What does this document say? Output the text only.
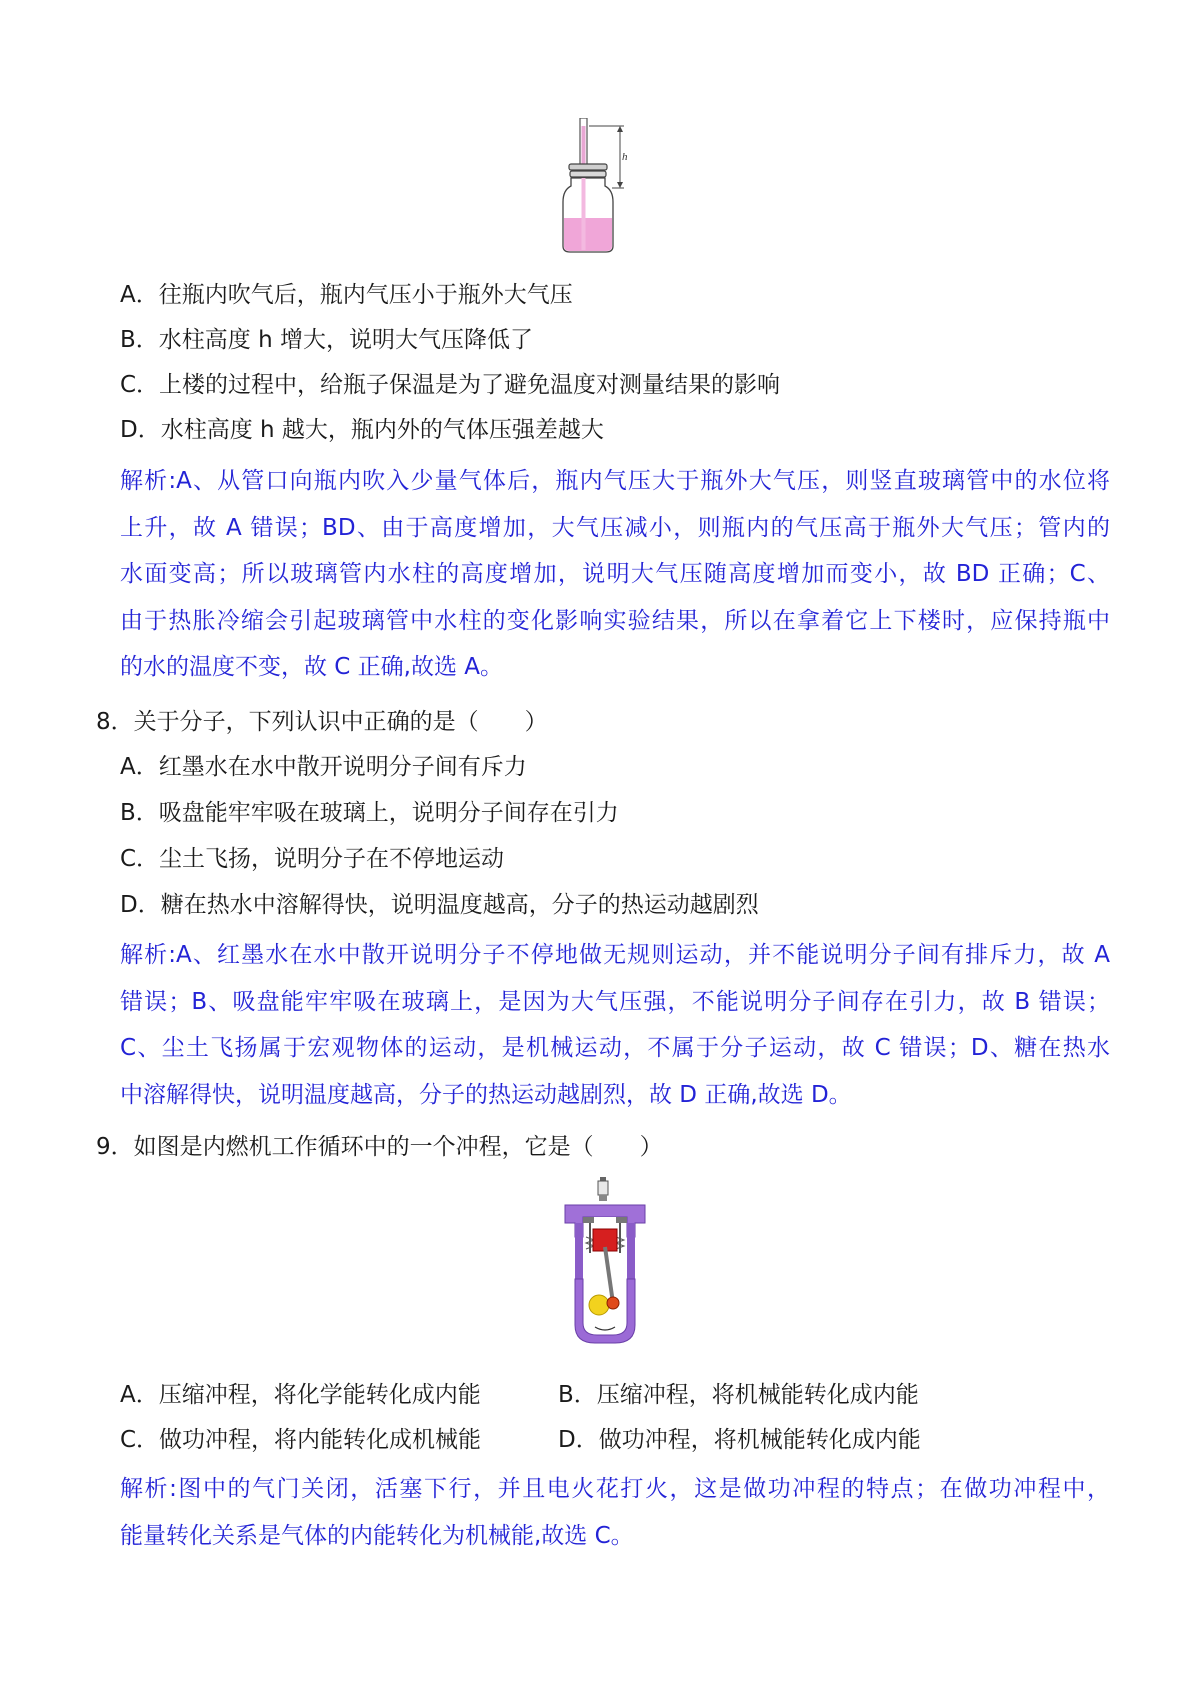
h
A．往瓶内吹气后，瓶内气压小于瓶外大气压
B．水柱高度 h 增大，说明大气压降低了
C．上楼的过程中，给瓶子保温是为了避免温度对测量结果的影响
D．水柱高度 h 越大，瓶内外的气体压强差越大

解析:A、从管口向瓶内吹入少量气体后，瓶内气压大于瓶外大气压，则竖直玻璃管中的水位将

上升，故 A 错误；BD、由于高度增加，大气压减小，则瓶内的气压高于瓶外大气压；管内的

水面变高；所以玻璃管内水柱的高度增加，说明大气压随高度增加而变小，故 BD 正确；C、

由于热胀冷缩会引起玻璃管中水柱的变化影响实验结果，所以在拿着它上下楼时，应保持瓶中

的水的温度不变，故 C 正确,故选 A。

8．关于分子，下列认识中正确的是（　　）
A．红墨水在水中散开说明分子间有斥力
B．吸盘能牢牢吸在玻璃上，说明分子间存在引力
C．尘土飞扬，说明分子在不停地运动
D．糖在热水中溶解得快，说明温度越高，分子的热运动越剧烈

解析:A、红墨水在水中散开说明分子不停地做无规则运动，并不能说明分子间有排斥力，故 A

错误；B、吸盘能牢牢吸在玻璃上，是因为大气压强，不能说明分子间存在引力，故 B 错误；

C、尘土飞扬属于宏观物体的运动，是机械运动，不属于分子运动，故 C 错误；D、糖在热水

中溶解得快，说明温度越高，分子的热运动越剧烈，故 D 正确,故选 D。

9．如图是内燃机工作循环中的一个冲程，它是（　　）
A．压缩冲程，将化学能转化成内能	B．压缩冲程，将机械能转化成内能
C．做功冲程，将内能转化成机械能	D．做功冲程，将机械能转化成内能

解析:图中的气门关闭，活塞下行，并且电火花打火，这是做功冲程的特点；在做功冲程中，

能量转化关系是气体的内能转化为机械能,故选 C。
